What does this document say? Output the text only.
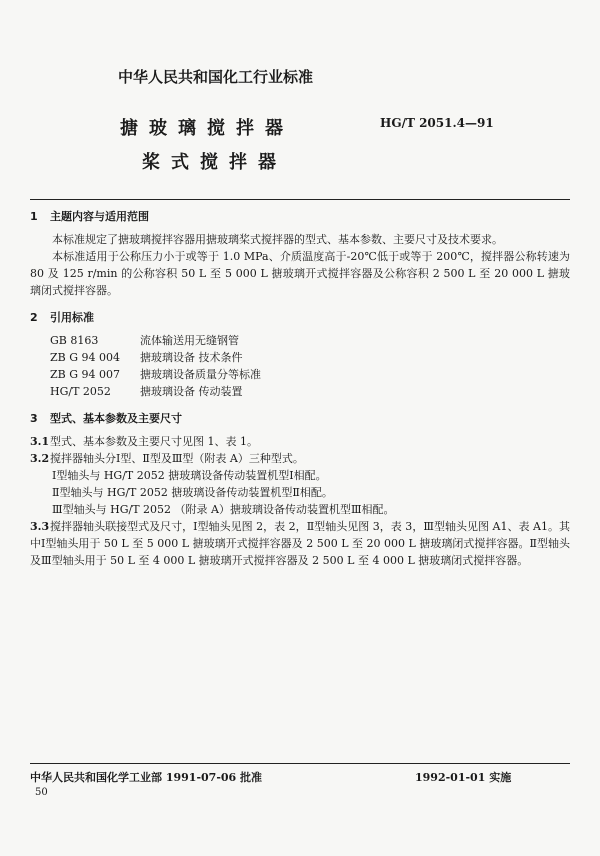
中华人民共和国化工行业标准
搪玻璃搅拌器
桨式搅拌器
HG/T 2051.4—91

1 主题内容与适用范围

本标准规定了搪玻璃搅拌容器用搪玻璃桨式搅拌器的型式、基本参数、主要尺寸及技术要求。

本标准适用于公称压力小于或等于 1.0 MPa、介质温度高于-20℃低于或等于 200℃，搅拌器公称转速为 80 及 125 r/min 的公称容积 50 L 至 5 000 L 搪玻璃开式搅拌容器及公称容积 2 500 L 至 20 000 L 搪玻璃闭式搅拌容器。

2 引用标准

GB 8163	流体输送用无缝钢管
ZB G 94 004 搪玻璃设备 技术条件
ZB G 94 007 搪玻璃设备质量分等标准
HG/T 2052	搪玻璃设备 传动装置

3 型式、基本参数及主要尺寸

3.1型式、基本参数及主要尺寸见图 1、表 1。

3.2搅拌器轴头分Ⅰ型、Ⅱ型及Ⅲ型（附表 A）三种型式。

Ⅰ型轴头与 HG/T 2052 搪玻璃设备传动装置机型Ⅰ相配。

Ⅱ型轴头与 HG/T 2052 搪玻璃设备传动装置机型Ⅱ相配。

Ⅲ型轴头与 HG/T 2052 （附录 A）搪玻璃设备传动装置机型Ⅲ相配。

3.3搅拌器轴头联接型式及尺寸，Ⅰ型轴头见图 2，表 2，Ⅱ型轴头见图 3，表 3，Ⅲ型轴头见图 A1、表 A1。其中Ⅰ型轴头用于 50 L 至 5 000 L 搪玻璃开式搅拌容器及 2 500 L 至 20 000 L 搪玻璃闭式搅拌容器。Ⅱ型轴头及Ⅲ型轴头用于 50 L 至 4 000 L 搪玻璃开式搅拌容器及 2 500 L 至 4 000 L 搪玻璃闭式搅拌容器。

中华人民共和国化学工业部 1991-07-06 批准	1992-01-01 实施
50
